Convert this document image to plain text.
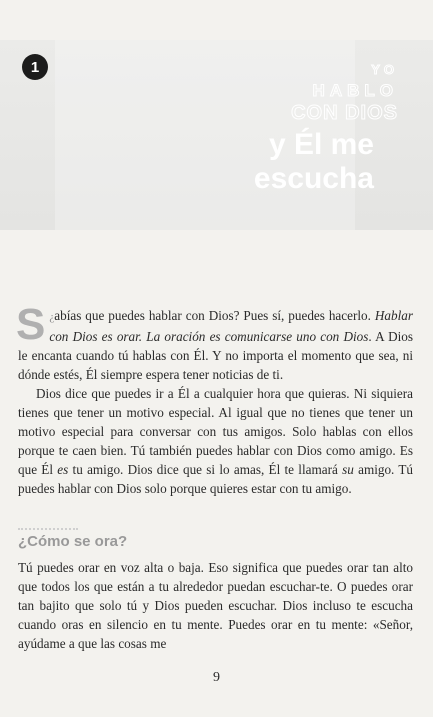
1	YO
HABLO
CON DIOS
y Él me
escucha

¿
S abías que puedes hablar con Dios? Pues sí, puedes hacerlo. Hablar con Dios es orar. La oración es comunicarse uno con Dios. A Dios le encanta cuando tú hablas con Él. Y no importa el momento que sea, ni dónde estés, Él siempre espera tener noticias de ti.

Dios dice que puedes ir a Él a cualquier hora que quieras. Ni siquiera tienes que tener un motivo especial. Al igual que no tienes que tener un motivo especial para conversar con tus amigos. Solo hablas con ellos porque te caen bien. Tú también puedes hablar con Dios como amigo. Es que Él es tu amigo. Dios dice que si lo amas, Él te llamará su amigo. Tú puedes hablar con Dios solo porque quieres estar con tu amigo.

¿Cómo se ora?

Tú puedes orar en voz alta o baja. Eso significa que puedes orar tan alto que todos los que están a tu alrededor puedan escuchar-te. O puedes orar tan bajito que solo tú y Dios pueden escuchar. Dios incluso te escucha cuando oras en silencio en tu mente. Puedes orar en tu mente: «Señor, ayúdame a que las cosas me

9
